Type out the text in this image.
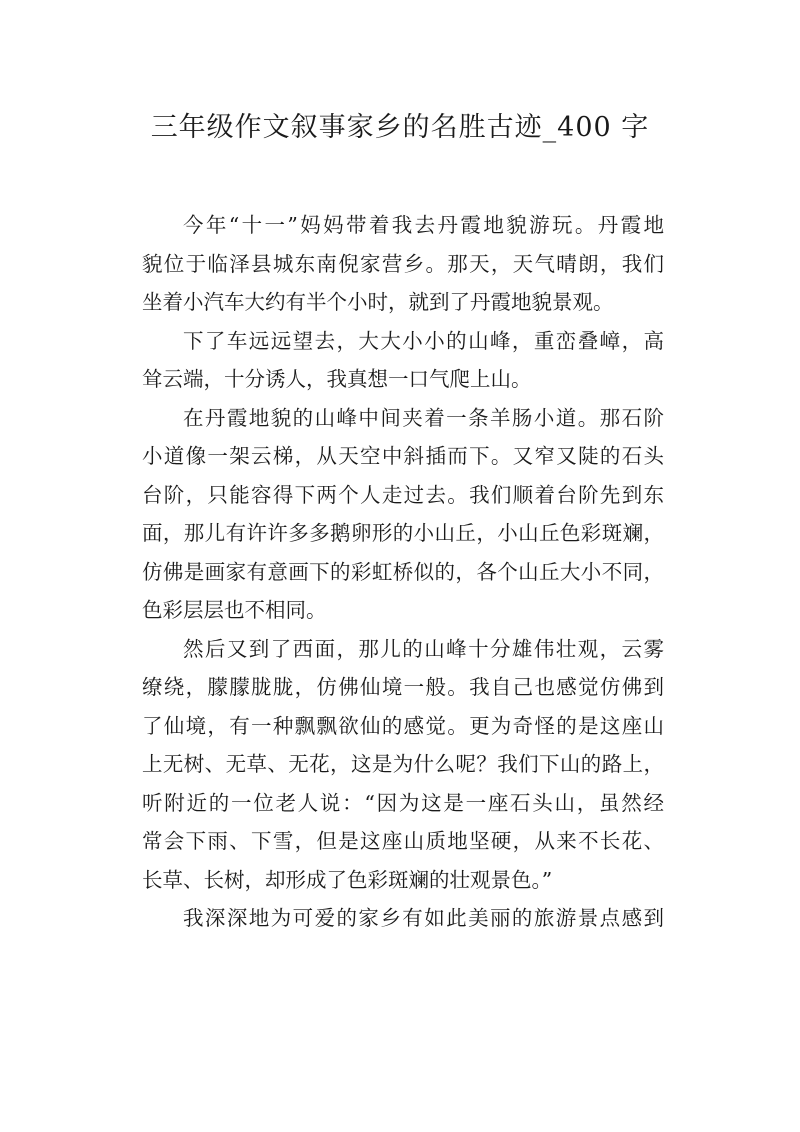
三年级作文叙事家乡的名胜古迹_400 字
今年“十一”妈妈带着我去丹霞地貌游玩。丹霞地
貌位于临泽县城东南倪家营乡。那天，天气晴朗，我们
坐着小汽车大约有半个小时，就到了丹霞地貌景观。
下了车远远望去，大大小小的山峰，重峦叠嶂，高
耸云端，十分诱人，我真想一口气爬上山。
在丹霞地貌的山峰中间夹着一条羊肠小道。那石阶
小道像一架云梯，从天空中斜插而下。又窄又陡的石头
台阶，只能容得下两个人走过去。我们顺着台阶先到东
面，那儿有许许多多鹅卵形的小山丘，小山丘色彩斑斓，
仿佛是画家有意画下的彩虹桥似的，各个山丘大小不同，
色彩层层也不相同。
然后又到了西面，那儿的山峰十分雄伟壮观，云雾
缭绕，朦朦胧胧，仿佛仙境一般。我自己也感觉仿佛到
了仙境，有一种飘飘欲仙的感觉。更为奇怪的是这座山
上无树、无草、无花，这是为什么呢？我们下山的路上，
听附近的一位老人说：“因为这是一座石头山，虽然经
常会下雨、下雪，但是这座山质地坚硬，从来不长花、
长草、长树，却形成了色彩斑斓的壮观景色。”
我深深地为可爱的家乡有如此美丽的旅游景点感到
